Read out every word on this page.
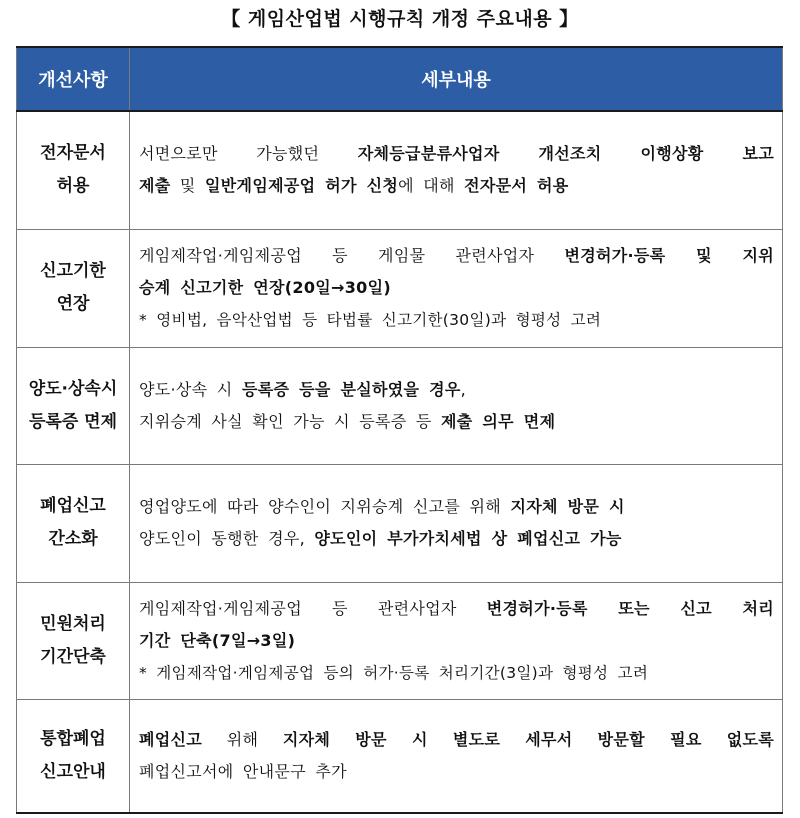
【 게임산업법 시행규칙 개정 주요내용 】
개선사항	세부내용

전자문서
허용	서면으로만 가능했던 자체등급분류사업자 개선조치 이행상황 보고
제출 및 일반게임제공업 허가 신청에 대해 전자문서 허용

신고기한
연장	게임제작업·게임제공업 등 게임물 관련사업자 변경허가·등록 및 지위
승계 신고기한 연장(20일→30일)
* 영비법, 음악산업법 등 타법률 신고기한(30일)과 형평성 고려

양도·상속시
등록증 면제	양도·상속 시 등록증 등을 분실하였을 경우,
지위승계 사실 확인 가능 시 등록증 등 제출 의무 면제

폐업신고
간소화	영업양도에 따라 양수인이 지위승계 신고를 위해 지자체 방문 시
양도인이 동행한 경우, 양도인이 부가가치세법 상 폐업신고 가능

민원처리
기간단축	게임제작업·게임제공업 등 관련사업자 변경허가·등록 또는 신고 처리
기간 단축(7일→3일)
* 게임제작업·게임제공업 등의 허가·등록 처리기간(3일)과 형평성 고려

통합폐업
신고안내	폐업신고 위해 지자체 방문 시 별도로 세무서 방문할 필요 없도록
폐업신고서에 안내문구 추가
